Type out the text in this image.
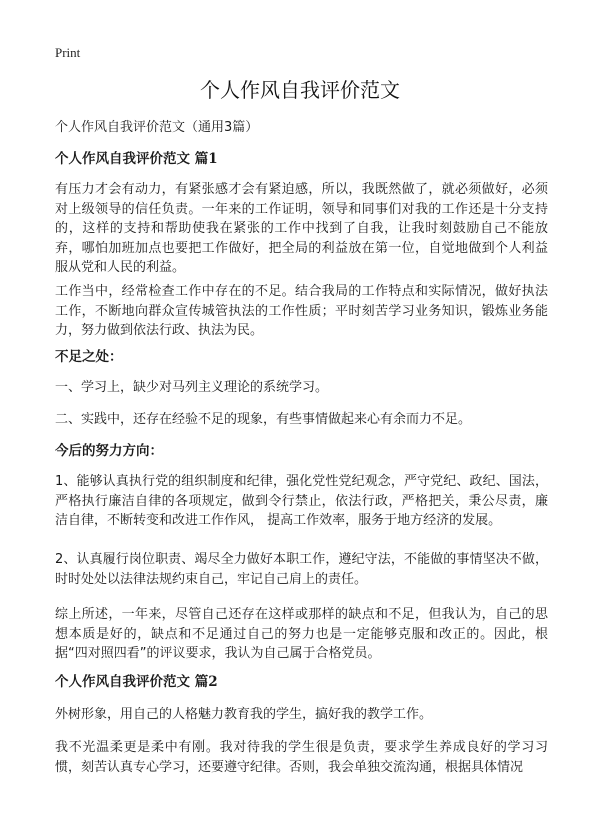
Print
个人作风自我评价范文
个人作风自我评价范文（通用3篇）
个人作风自我评价范文 篇1

有压力才会有动力，有紧张感才会有紧迫感，所以，我既然做了，就必须做好，必须对上级领导的信任负责。一年来的工作证明，领导和同事们对我的工作还是十分支持的，这样的支持和帮助使我在紧张的工作中找到了自我，让我时刻鼓励自己不能放弃，哪怕加班加点也要把工作做好，把全局的利益放在第一位，自觉地做到个人利益服从党和人民的利益。

工作当中，经常检查工作中存在的不足。结合我局的工作特点和实际情况，做好执法工作，不断地向群众宣传城管执法的工作性质；平时刻苦学习业务知识，锻炼业务能力，努力做到依法行政、执法为民。

不足之处：

一、学习上，缺少对马列主义理论的系统学习。

二、实践中，还存在经验不足的现象，有些事情做起来心有余而力不足。

今后的努力方向：

1、能够认真执行党的组织制度和纪律，强化党性党纪观念，严守党纪、政纪、国法，严格执行廉洁自律的各项规定，做到令行禁止，依法行政，严格把关，秉公尽责，廉洁自律，不断转变和改进工作作风， 提高工作效率，服务于地方经济的发展。

2、认真履行岗位职责、竭尽全力做好本职工作，遵纪守法，不能做的事情坚决不做，时时处处以法律法规约束自己，牢记自己肩上的责任。

综上所述，一年来，尽管自己还存在这样或那样的缺点和不足，但我认为，自己的思想本质是好的，缺点和不足通过自己的努力也是一定能够克服和改正的。因此，根据“四对照四看”的评议要求，我认为自己属于合格党员。

个人作风自我评价范文 篇2

外树形象，用自己的人格魅力教育我的学生，搞好我的教学工作。

我不光温柔更是柔中有刚。我对待我的学生很是负责，要求学生养成良好的学习习惯，刻苦认真专心学习，还要遵守纪律。否则，我会单独交流沟通，根据具体情况
